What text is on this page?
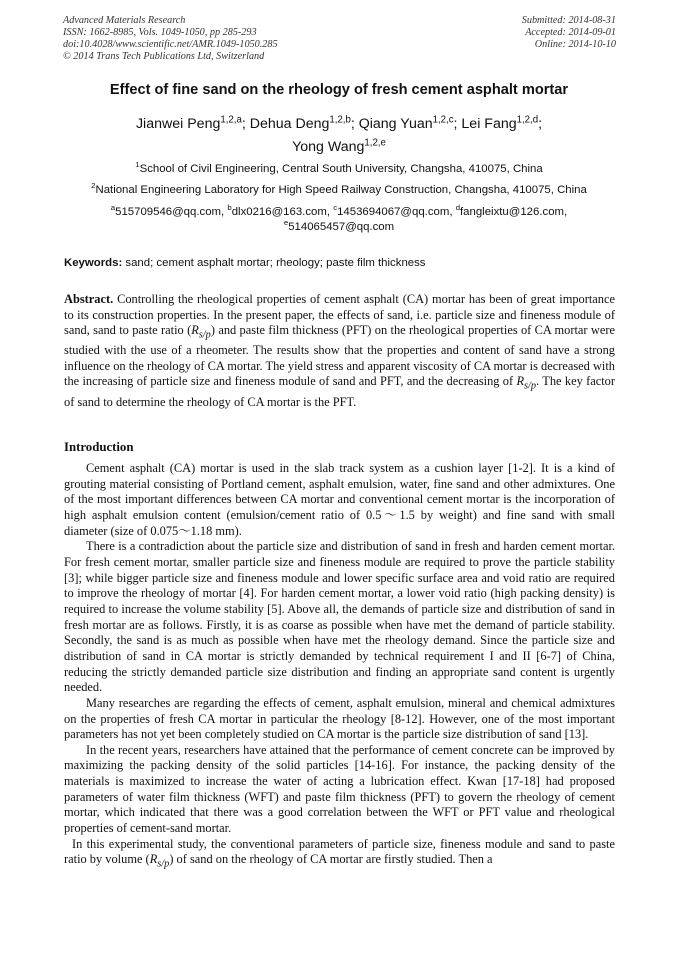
Advanced Materials Research
ISSN: 1662-8985, Vols. 1049-1050, pp 285-293
doi:10.4028/www.scientific.net/AMR.1049-1050.285
© 2014 Trans Tech Publications Ltd, Switzerland
Submitted: 2014-08-31
Accepted: 2014-09-01
Online: 2014-10-10
Effect of fine sand on the rheology of fresh cement asphalt mortar
Jianwei Peng$^{1,2,a}$; Dehua Deng$^{1,2,b}$; Qiang Yuan$^{1,2,c}$; Lei Fang$^{1,2,d}$;
Yong Wang$^{1,2,e}$
$^1$School of Civil Engineering, Central South University, Changsha, 410075, China
$^2$National Engineering Laboratory for High Speed Railway Construction, Changsha, 410075, China
$^a$515709546@qq.com, $^b$dlx0216@163.com, $^c$1453694067@qq.com, $^d$fangleixtu@126.com,
$^e$514065457@qq.com
Keywords: sand; cement asphalt mortar; rheology; paste film thickness
Abstract. Controlling the rheological properties of cement asphalt (CA) mortar has been of great importance to its construction properties. In the present paper, the effects of sand, i.e. particle size and fineness module of sand, sand to paste ratio $(R_{s/p})$ and paste film thickness (PFT) on the rheological properties of CA mortar were studied with the use of a rheometer. The results show that the properties and content of sand have a strong influence on the rheology of CA mortar. The yield stress and apparent viscosity of CA mortar is decreased with the increasing of particle size and fineness module of sand and PFT, and the decreasing of $R_{s/p}$. The key factor of sand to determine the rheology of CA mortar is the PFT.
Introduction

Cement asphalt (CA) mortar is used in the slab track system as a cushion layer [1-2]. It is a kind of grouting material consisting of Portland cement, asphalt emulsion, water, fine sand and other admixtures. One of the most important differences between CA mortar and conventional cement mortar is the incorporation of high asphalt emulsion content (emulsion/cement ratio of 0.5～1.5 by weight) and fine sand with small diameter (size of 0.075～1.18 mm).

There is a contradiction about the particle size and distribution of sand in fresh and harden cement mortar. For fresh cement mortar, smaller particle size and fineness module are required to prove the particle stability [3]; while bigger particle size and fineness module and lower specific surface area and void ratio are required to improve the rheology of mortar [4]. For harden cement mortar, a lower void ratio (high packing density) is required to increase the volume stability [5]. Above all, the demands of particle size and distribution of sand in fresh mortar are as follows. Firstly, it is as coarse as possible when have met the demand of particle stability. Secondly, the sand is as much as possible when have met the rheology demand. Since the particle size and distribution of sand in CA mortar is strictly demanded by technical requirement I and II [6-7] of China, reducing the strictly demanded particle size distribution and finding an appropriate sand content is urgently needed.

Many researches are regarding the effects of cement, asphalt emulsion, mineral and chemical admixtures on the properties of fresh CA mortar in particular the rheology [8-12]. However, one of the most important parameters has not yet been completely studied on CA mortar is the particle size distribution of sand [13].

In the recent years, researchers have attained that the performance of cement concrete can be improved by maximizing the packing density of the solid particles [14-16]. For instance, the packing density of the materials is maximized to increase the water of acting a lubrication effect. Kwan [17-18] had proposed parameters of water film thickness (WFT) and paste film thickness (PFT) to govern the rheology of cement mortar, which indicated that there was a good correlation between the WFT or PFT value and rheological properties of cement-sand mortar.

In this experimental study, the conventional parameters of particle size, fineness module and sand to paste ratio by volume $(R_{s/p})$ of sand on the rheology of CA mortar are firstly studied. Then a
